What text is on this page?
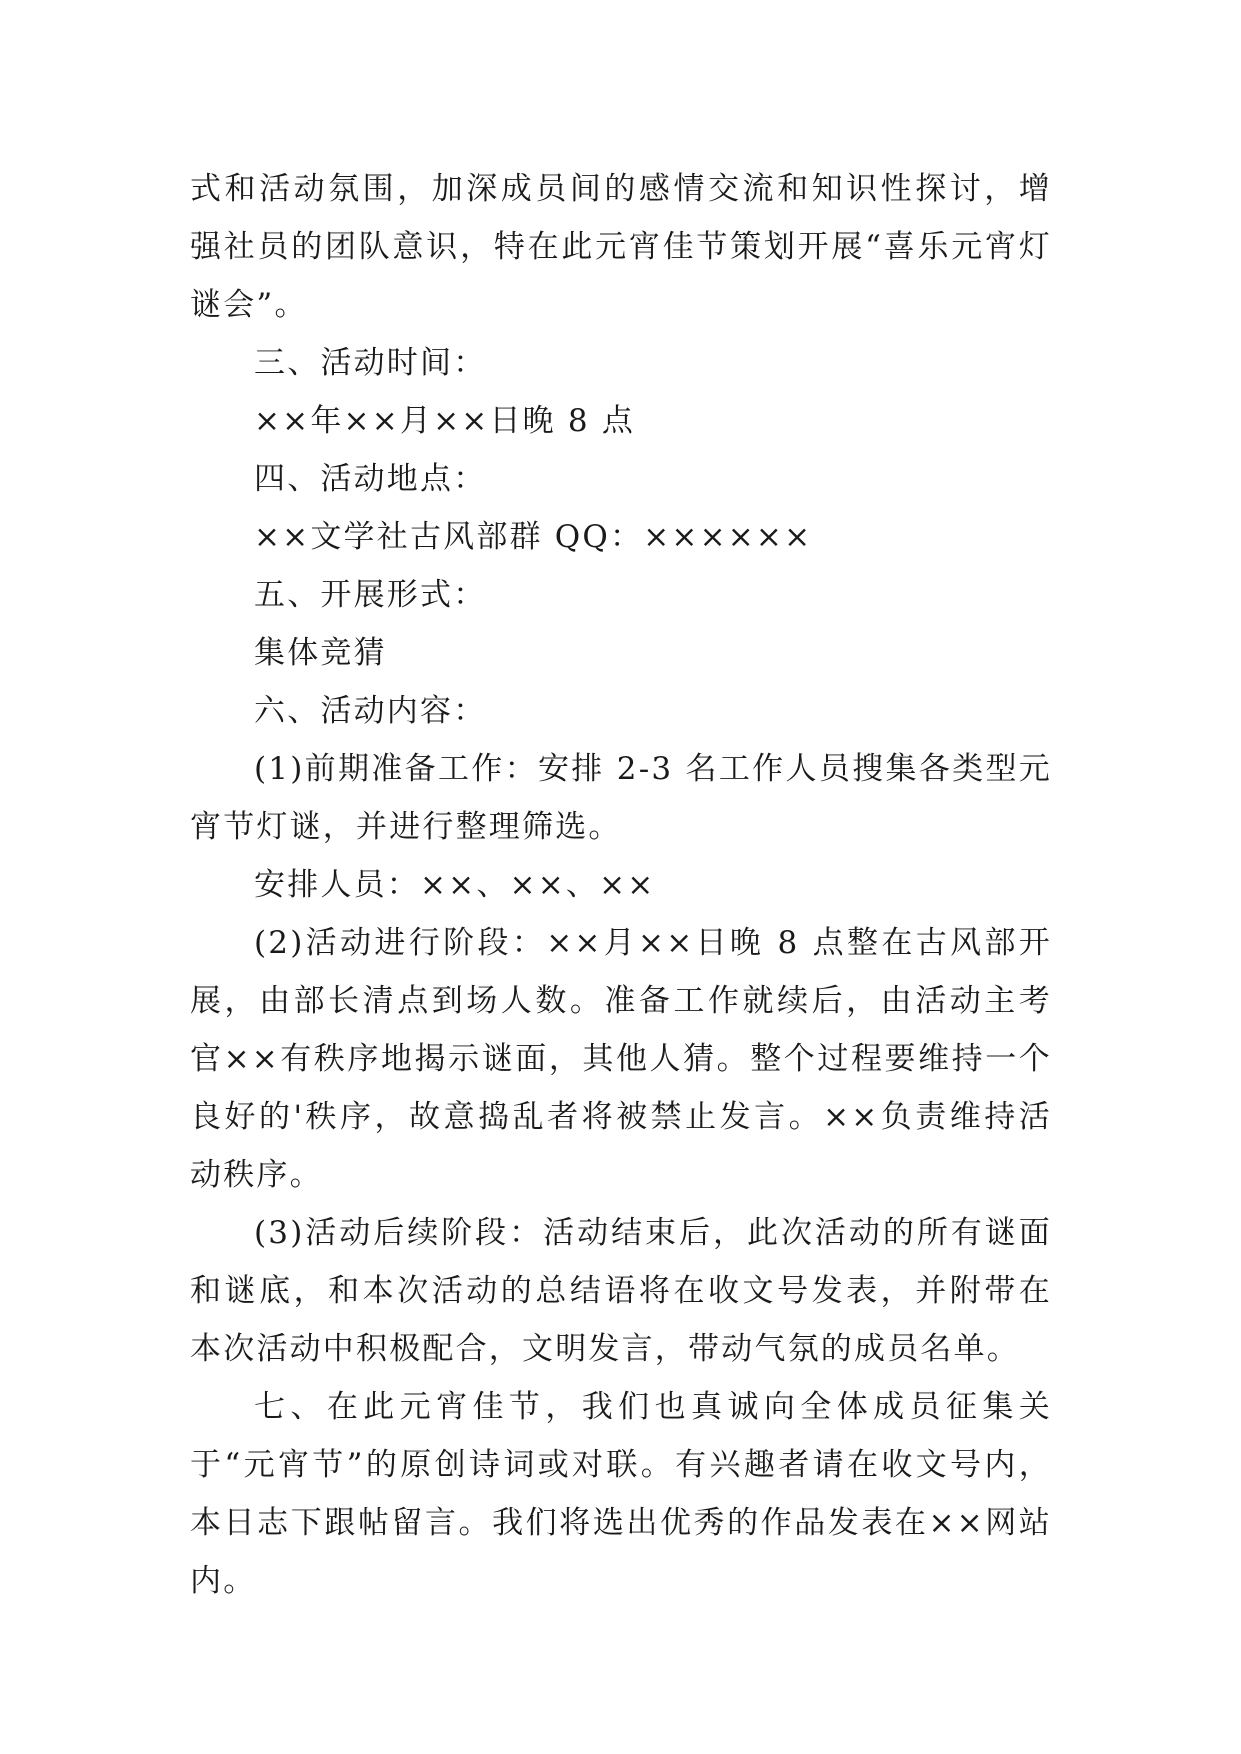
式和活动氛围，加深成员间的感情交流和知识性探讨，增强社员的团队意识，特在此元宵佳节策划开展“喜乐元宵灯谜会”。

三、活动时间：

××年××月××日晚 8 点

四、活动地点：

××文学社古风部群 QQ：××××××

五、开展形式：

集体竞猜

六、活动内容：

(1)前期准备工作：安排 2-3 名工作人员搜集各类型元宵节灯谜，并进行整理筛选。

安排人员：××、××、××

(2)活动进行阶段：××月××日晚 8 点整在古风部开展，由部长清点到场人数。准备工作就续后，由活动主考官××有秩序地揭示谜面，其他人猜。整个过程要维持一个良好的'秩序，故意捣乱者将被禁止发言。××负责维持活动秩序。

(3)活动后续阶段：活动结束后，此次活动的所有谜面和谜底，和本次活动的总结语将在收文号发表，并附带在本次活动中积极配合，文明发言，带动气氛的成员名单。

七、在此元宵佳节，我们也真诚向全体成员征集关于“元宵节”的原创诗词或对联。有兴趣者请在收文号内，本日志下跟帖留言。我们将选出优秀的作品发表在××网站内。
